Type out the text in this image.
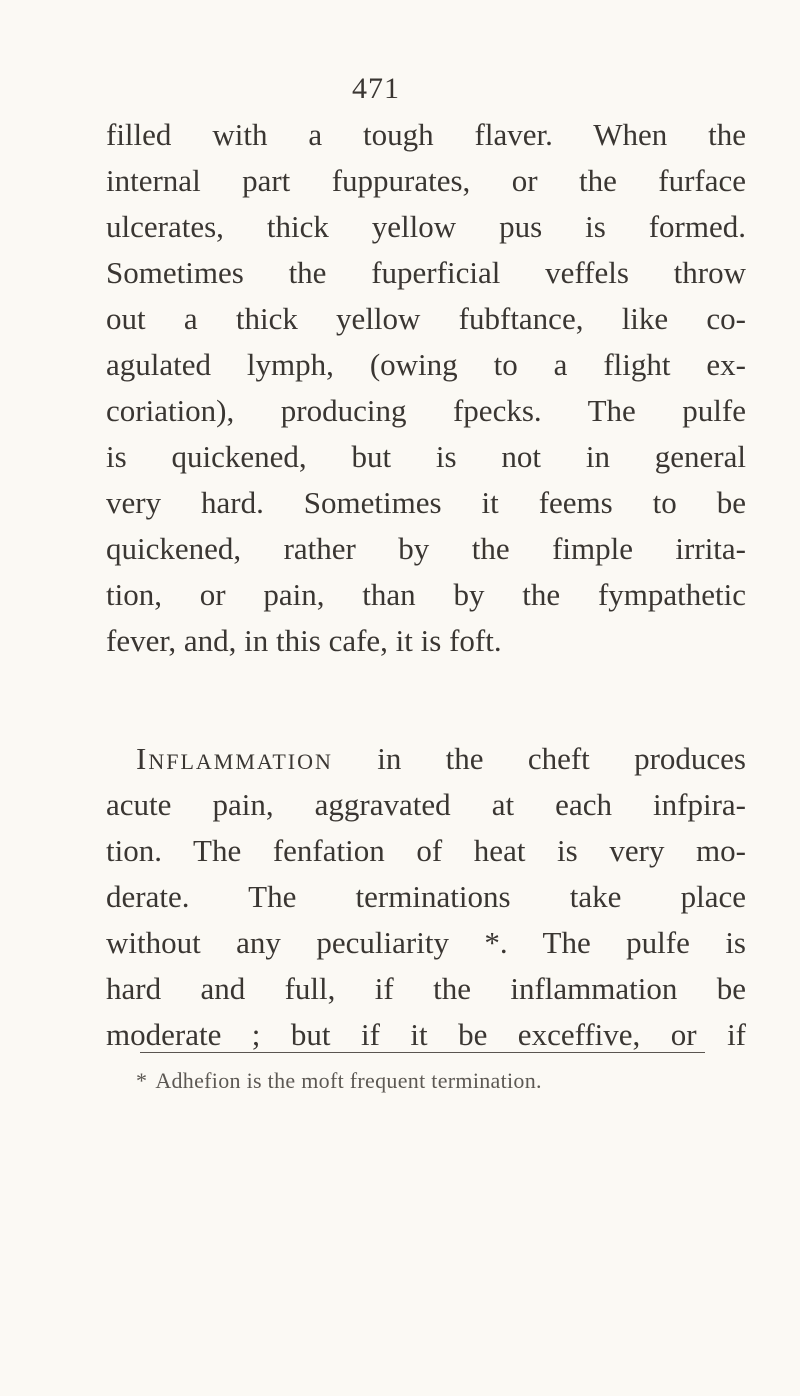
471
filled with a tough flaver. When the
internal part fuppurates, or the furface
ulcerates, thick yellow pus is formed.
Sometimes the fuperficial veffels throw
out a thick yellow fubftance, like co-
agulated lymph, (owing to a flight ex-
coriation), producing fpecks. The pulfe
is quickened, but is not in general
very hard. Sometimes it feems to be
quickened, rather by the fimple irrita-
tion, or pain, than by the fympathetic
fever, and, in this cafe, it is foft.
Inflammation in the cheft produces
acute pain, aggravated at each infpira-
tion. The fenfation of heat is very mo-
derate. The terminations take place
without any peculiarity *. The pulfe is
hard and full, if the inflammation be
moderate ; but if it be exceffive, or if
* Adhefion is the moft frequent termination.
